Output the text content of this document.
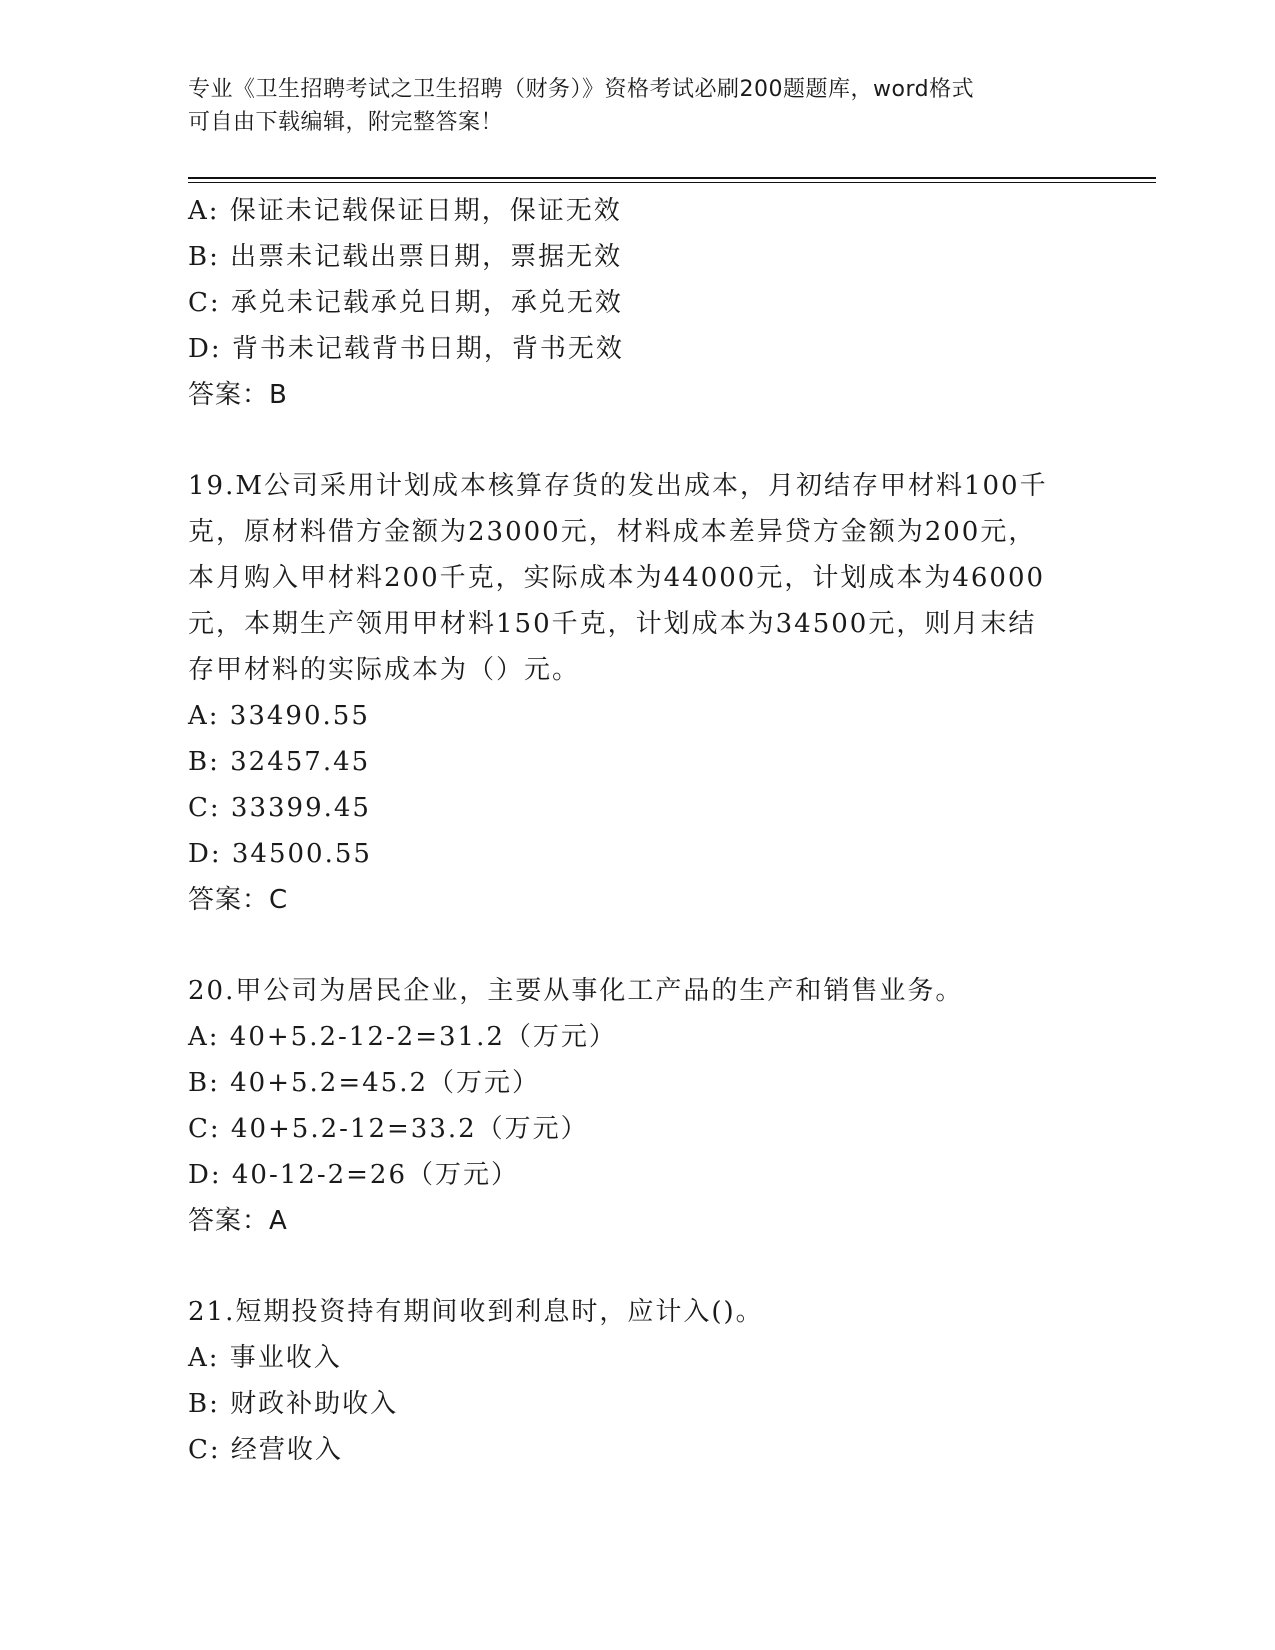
专业《卫生招聘考试之卫生招聘（财务）》资格考试必刷200题题库，word格式
可自由下载编辑，附完整答案！
A: 保证未记载保证日期，保证无效
B: 出票未记载出票日期，票据无效
C: 承兑未记载承兑日期，承兑无效
D: 背书未记载背书日期，背书无效
答案：B
19.M公司采用计划成本核算存货的发出成本，月初结存甲材料100千
克，原材料借方金额为23000元，材料成本差异贷方金额为200元，
本月购入甲材料200千克，实际成本为44000元，计划成本为46000
元，本期生产领用甲材料150千克，计划成本为34500元，则月末结
存甲材料的实际成本为（）元。
A: 33490.55
B: 32457.45
C: 33399.45
D: 34500.55
答案：C
20.甲公司为居民企业，主要从事化工产品的生产和销售业务。
A: 40+5.2-12-2=31.2（万元）
B: 40+5.2=45.2（万元）
C: 40+5.2-12=33.2（万元）
D: 40-12-2=26（万元）
答案：A
21.短期投资持有期间收到利息时，应计入()。
A: 事业收入
B: 财政补助收入
C: 经营收入
